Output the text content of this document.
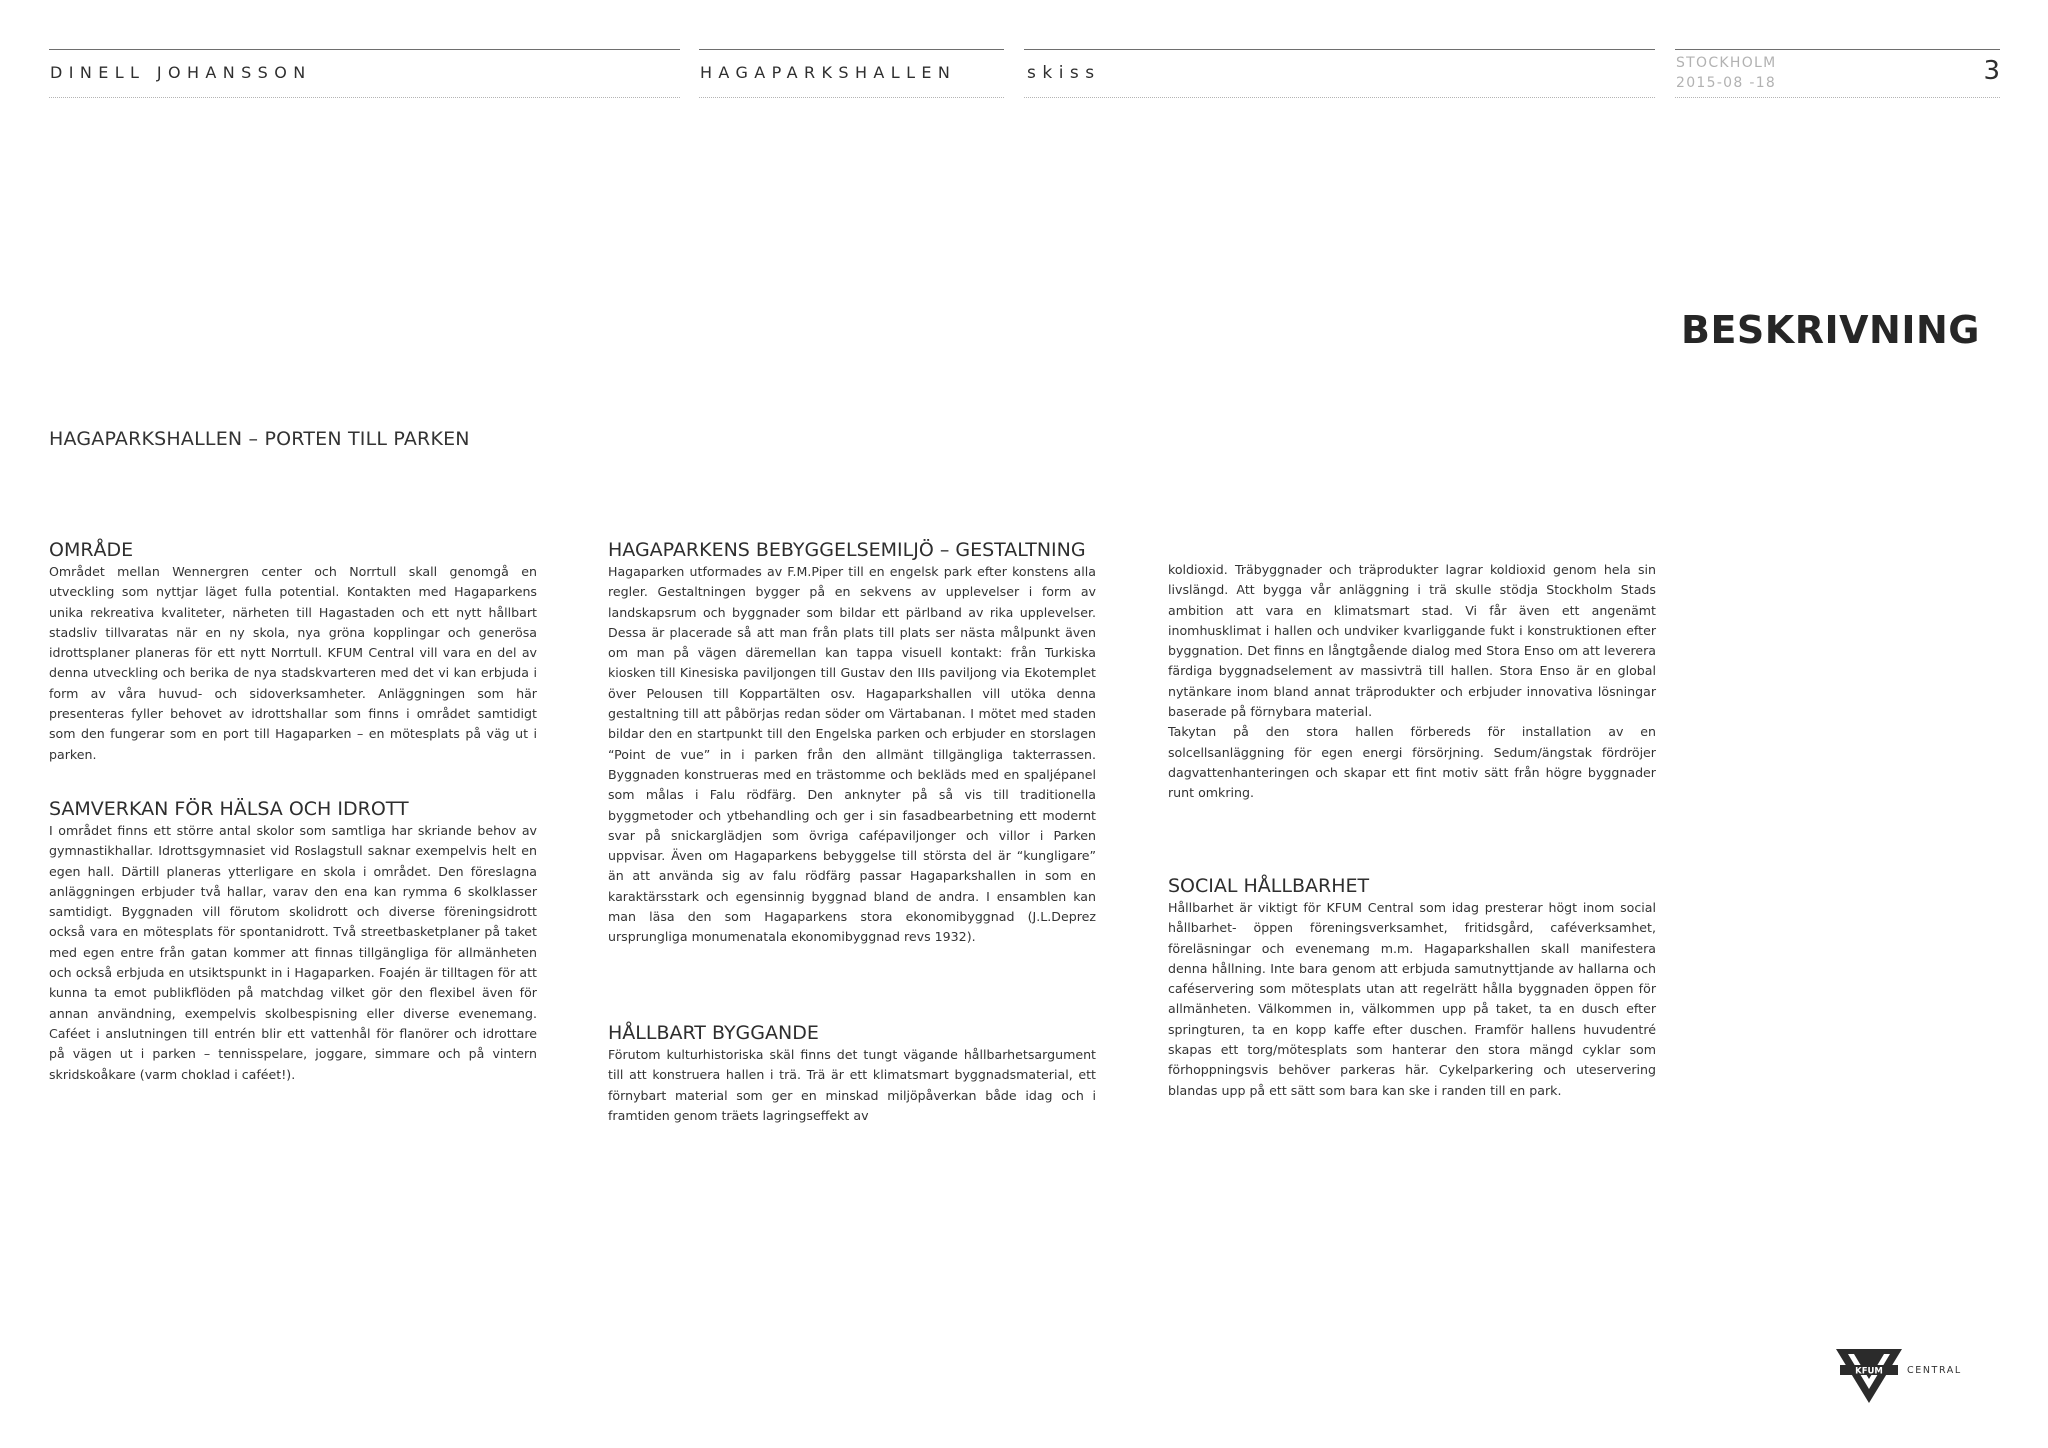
DINELL JOHANSSON	HAGAPARKSHALLEN	skiss	STOCKHOLM
2015-08 -18	3
BESKRIVNING
HAGAPARKSHALLEN – PORTEN TILL PARKEN
OMRÅDE

Området mellan Wennergren center och Norrtull skall genomgå en utveckling som nyttjar läget fulla potential. Kontakten med Hagaparkens unika rekreativa kvaliteter, närheten till Hagastaden och ett nytt hållbart stadsliv tillvaratas när en ny skola, nya gröna kopplingar och generösa idrottsplaner planeras för ett nytt Norrtull. KFUM Central vill vara en del av denna utveckling och berika de nya stadskvarteren med det vi kan erbjuda i form av våra huvud- och sidoverksamheter. Anläggningen som här presenteras fyller behovet av idrottshallar som finns i området samtidigt som den fungerar som en port till Hagaparken – en mötesplats på väg ut i parken.

SAMVERKAN FÖR HÄLSA OCH IDROTT

I området finns ett större antal skolor som samtliga har skriande behov av gymnastikhallar. Idrottsgymnasiet vid Roslagstull saknar exempelvis helt en egen hall. Därtill planeras ytterligare en skola i området. Den föreslagna anläggningen erbjuder två hallar, varav den ena kan rymma 6 skolklasser samtidigt. Byggnaden vill förutom skolidrott och diverse föreningsidrott också vara en mötesplats för spontanidrott. Två streetbasketplaner på taket med egen entre från gatan kommer att finnas tillgängliga för allmänheten och också erbjuda en utsiktspunkt in i Hagaparken. Foajén är tilltagen för att kunna ta emot publikflöden på matchdag vilket gör den flexibel även för annan användning, exempelvis skolbespisning eller diverse evenemang. Caféet i anslutningen till entrén blir ett vattenhål för flanörer och idrottare på vägen ut i parken – tennisspelare, joggare, simmare och på vintern skridskoåkare (varm choklad i caféet!).

HAGAPARKENS BEBYGGELSEMILJÖ – GESTALTNING

Hagaparken utformades av F.M.Piper till en engelsk park efter konstens alla regler. Gestaltningen bygger på en sekvens av upplevelser i form av landskapsrum och byggnader som bildar ett pärlband av rika upplevelser. Dessa är placerade så att man från plats till plats ser nästa målpunkt även om man på vägen däremellan kan tappa visuell kontakt: från Turkiska kiosken till Kinesiska paviljongen till Gustav den IIIs paviljong via Ekotemplet över Pelousen till Koppartälten osv. Hagaparkshallen vill utöka denna gestaltning till att påbörjas redan söder om Värtabanan. I mötet med staden bildar den en startpunkt till den Engelska parken och erbjuder en storslagen “Point de vue” in i parken från den allmänt tillgängliga takterrassen. Byggnaden konstrueras med en trästomme och bekläds med en spaljépanel som målas i Falu rödfärg. Den anknyter på så vis till traditionella byggmetoder och ytbehandling och ger i sin fasadbearbetning ett modernt svar på snickarglädjen som övriga cafépaviljonger och villor i Parken uppvisar. Även om Hagaparkens bebyggelse till största del är “kungligare” än att använda sig av falu rödfärg passar Hagaparkshallen in som en karaktärsstark och egensinnig byggnad bland de andra. I ensamblen kan man läsa den som Hagaparkens stora ekonomibyggnad (J.L.Deprez ursprungliga monumenatala ekonomibyggnad revs 1932).

HÅLLBART BYGGANDE

Förutom kulturhistoriska skäl finns det tungt vägande hållbarhetsargument till att konstruera hallen i trä. Trä är ett klimatsmart byggnadsmaterial, ett förnybart material som ger en minskad miljöpåverkan både idag och i framtiden genom träets lagringseffekt av

koldioxid. Träbyggnader och träprodukter lagrar koldioxid genom hela sin livslängd. Att bygga vår anläggning i trä skulle stödja Stockholm Stads ambition att vara en klimatsmart stad. Vi får även ett angenämt inomhusklimat i hallen och undviker kvarliggande fukt i konstruktionen efter byggnation. Det finns en långtgående dialog med Stora Enso om att leverera färdiga byggnadselement av massivträ till hallen. Stora Enso är en global nytänkare inom bland annat träprodukter och erbjuder innovativa lösningar baserade på förnybara material.

Takytan på den stora hallen förbereds för installation av en solcellsanläggning för egen energi försörjning. Sedum/ängstak fördröjer dagvattenhanteringen och skapar ett fint motiv sätt från högre byggnader runt omkring.

SOCIAL HÅLLBARHET

Hållbarhet är viktigt för KFUM Central som idag presterar högt inom social hållbarhet- öppen föreningsverksamhet, fritidsgård, caféverksamhet, föreläsningar och evenemang m.m. Hagaparkshallen skall manifestera denna hållning. Inte bara genom att erbjuda samutnyttjande av hallarna och caféservering som mötesplats utan att regelrätt hålla byggnaden öppen för allmänheten. Välkommen in, välkommen upp på taket, ta en dusch efter springturen, ta en kopp kaffe efter duschen. Framför hallens huvudentré skapas ett torg/mötesplats som hanterar den stora mängd cyklar som förhoppningsvis behöver parkeras här. Cykelparkering och uteservering blandas upp på ett sätt som bara kan ske i randen till en park.

KFUM	CENTRAL
